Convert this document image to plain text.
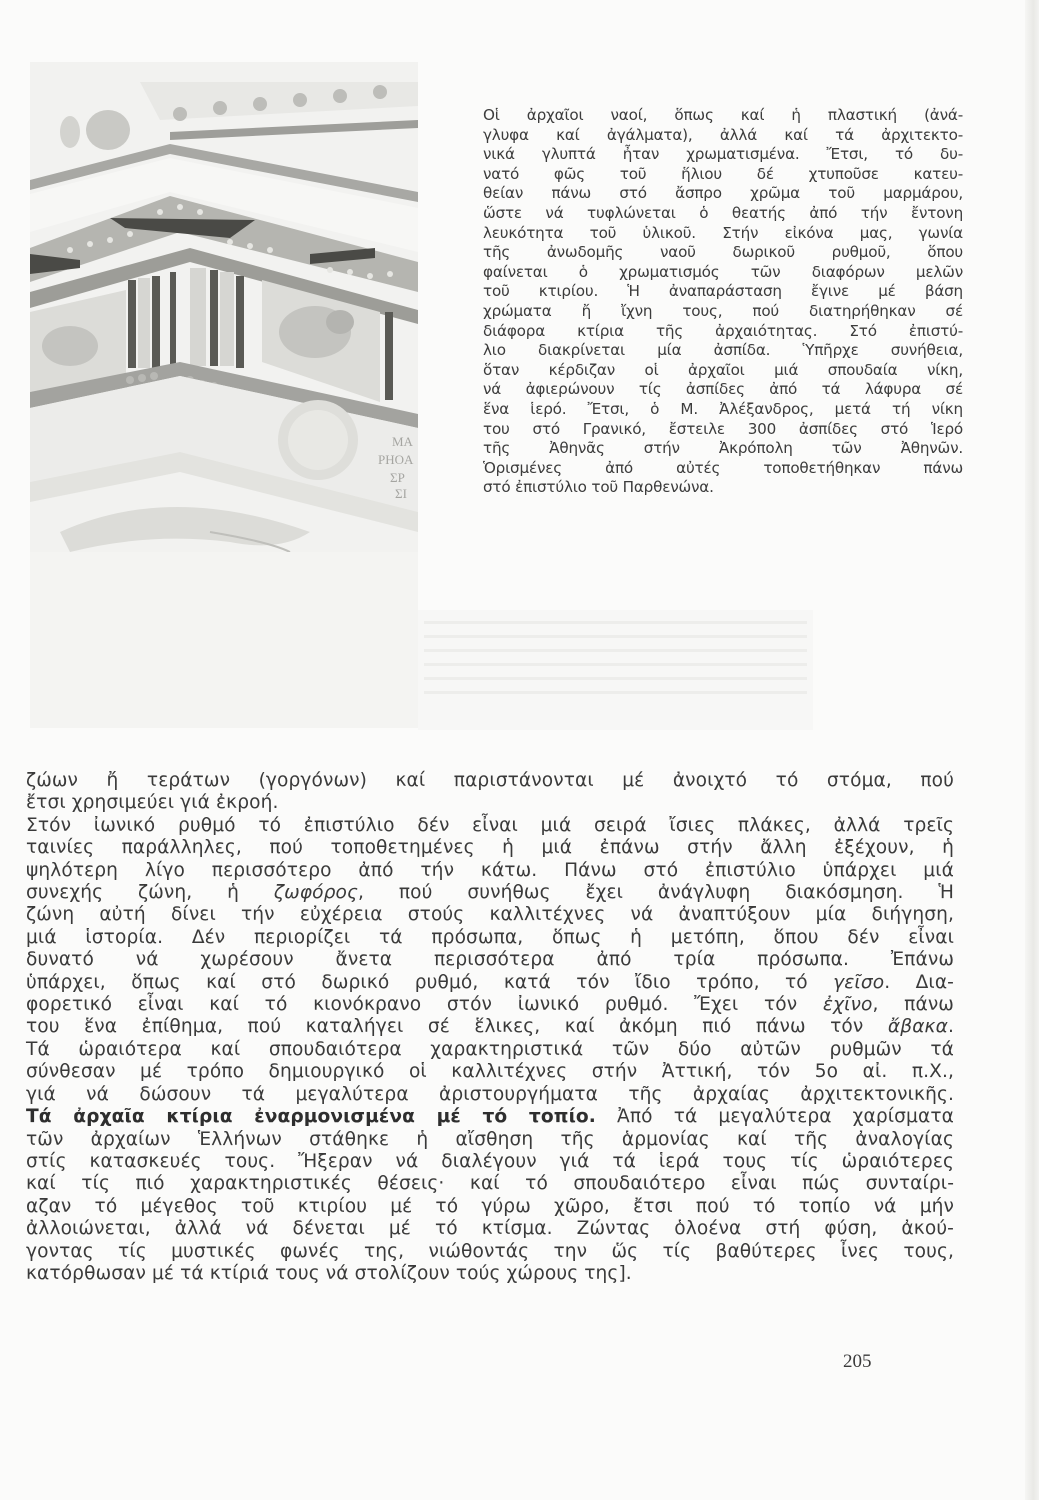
MA
PHOA
ΣΡ
ΣΙ
Οἱ ἀρχαῖοι ναοί, ὅπως καί ἡ πλαστική (ἀνά-
γλυφα καί ἀγάλματα), ἀλλά καί τά ἀρχιτεκτο-
νικά γλυπτά ἦταν χρωματισμένα. Ἔτσι, τό δυ-
νατό φῶς τοῦ ἥλιου δέ χτυποῦσε κατευ-
θείαν πάνω στό ἄσπρο χρῶμα τοῦ μαρμάρου,
ὥστε νά τυφλώνεται ὁ θεατής ἀπό τήν ἔντονη
λευκότητα τοῦ ὑλικοῦ. Στήν εἰκόνα μας, γωνία
τῆς ἀνωδομῆς ναοῦ δωρικοῦ ρυθμοῦ, ὅπου
φαίνεται ὁ χρωματισμός τῶν διαφόρων μελῶν
τοῦ κτιρίου. Ἡ ἀναπαράσταση ἔγινε μέ βάση
χρώματα ἤ ἴχνη τους, πού διατηρήθηκαν σέ
διάφορα κτίρια τῆς ἀρχαιότητας. Στό ἐπιστύ-
λιο διακρίνεται μία ἀσπίδα. Ὑπῆρχε συνήθεια,
ὅταν κέρδιζαν οἱ ἀρχαῖοι μιά σπουδαία νίκη,
νά ἀφιερώνουν τίς ἀσπίδες ἀπό τά λάφυρα σέ
ἕνα ἱερό. Ἔτσι, ὁ Μ. Ἀλέξανδρος, μετά τή νίκη
του στό Γρανικό, ἔστειλε 300 ἀσπίδες στό Ἱερό
τῆς Ἀθηνᾶς στήν Ἀκρόπολη τῶν Ἀθηνῶν.
Ὁρισμένες ἀπό αὐτές τοποθετήθηκαν πάνω
στό ἐπιστύλιο τοῦ Παρθενώνα.
ζώων ἤ τεράτων (γοργόνων) καί παριστάνονται μέ ἀνοιχτό τό στόμα, πού
ἔτσι χρησιμεύει γιά ἐκροή.
Στόν ἰωνικό ρυθμό τό ἐπιστύλιο δέν εἶναι μιά σειρά ἴσιες πλάκες, ἀλλά τρεῖς
ταινίες παράλληλες, πού τοποθετημένες ἡ μιά ἐπάνω στήν ἄλλη ἐξέχουν, ἡ
ψηλότερη λίγο περισσότερο ἀπό τήν κάτω. Πάνω στό ἐπιστύλιο ὑπάρχει μιά
συνεχής ζώνη, ἡ ζωφόρος, πού συνήθως ἔχει ἀνάγλυφη διακόσμηση. Ἡ
ζώνη αὐτή δίνει τήν εὐχέρεια στούς καλλιτέχνες νά ἀναπτύξουν μία διήγηση,
μιά ἱστορία. Δέν περιορίζει τά πρόσωπα, ὅπως ἡ μετόπη, ὅπου δέν εἶναι
δυνατό νά χωρέσουν ἄνετα περισσότερα ἀπό τρία πρόσωπα. Ἐπάνω
ὑπάρχει, ὅπως καί στό δωρικό ρυθμό, κατά τόν ἴδιο τρόπο, τό γεῖσο. Δια-
φορετικό εἶναι καί τό κιονόκρανο στόν ἰωνικό ρυθμό. Ἔχει τόν ἐχῖνο, πάνω
του ἕνα ἐπίθημα, πού καταλήγει σέ ἕλικες, καί ἀκόμη πιό πάνω τόν ἄβακα.
Τά ὡραιότερα καί σπουδαιότερα χαρακτηριστικά τῶν δύο αὐτῶν ρυθμῶν τά
σύνθεσαν μέ τρόπο δημιουργικό οἱ καλλιτέχνες στήν Ἀττική, τόν 5ο αἰ. π.Χ.,
γιά νά δώσουν τά μεγαλύτερα ἀριστουργήματα τῆς ἀρχαίας ἀρχιτεκτονικῆς.
Τά ἀρχαῖα κτίρια ἐναρμονισμένα μέ τό τοπίο. Ἀπό τά μεγαλύτερα χαρίσματα
τῶν ἀρχαίων Ἑλλήνων στάθηκε ἡ αἴσθηση τῆς ἁρμονίας καί τῆς ἀναλογίας
στίς κατασκευές τους. Ἤξεραν νά διαλέγουν γιά τά ἱερά τους τίς ὡραιότερες
καί τίς πιό χαρακτηριστικές θέσεις· καί τό σπουδαιότερο εἶναι πώς συνταίρι-
αζαν τό μέγεθος τοῦ κτιρίου μέ τό γύρω χῶρο, ἔτσι πού τό τοπίο νά μήν
ἀλλοιώνεται, ἀλλά νά δένεται μέ τό κτίσμα. Ζώντας ὁλοένα στή φύση, ἀκού-
γοντας τίς μυστικές φωνές της, νιώθοντάς την ὥς τίς βαθύτερες ἶνες τους,
κατόρθωσαν μέ τά κτίριά τους νά στολίζουν τούς χώρους της].
205
